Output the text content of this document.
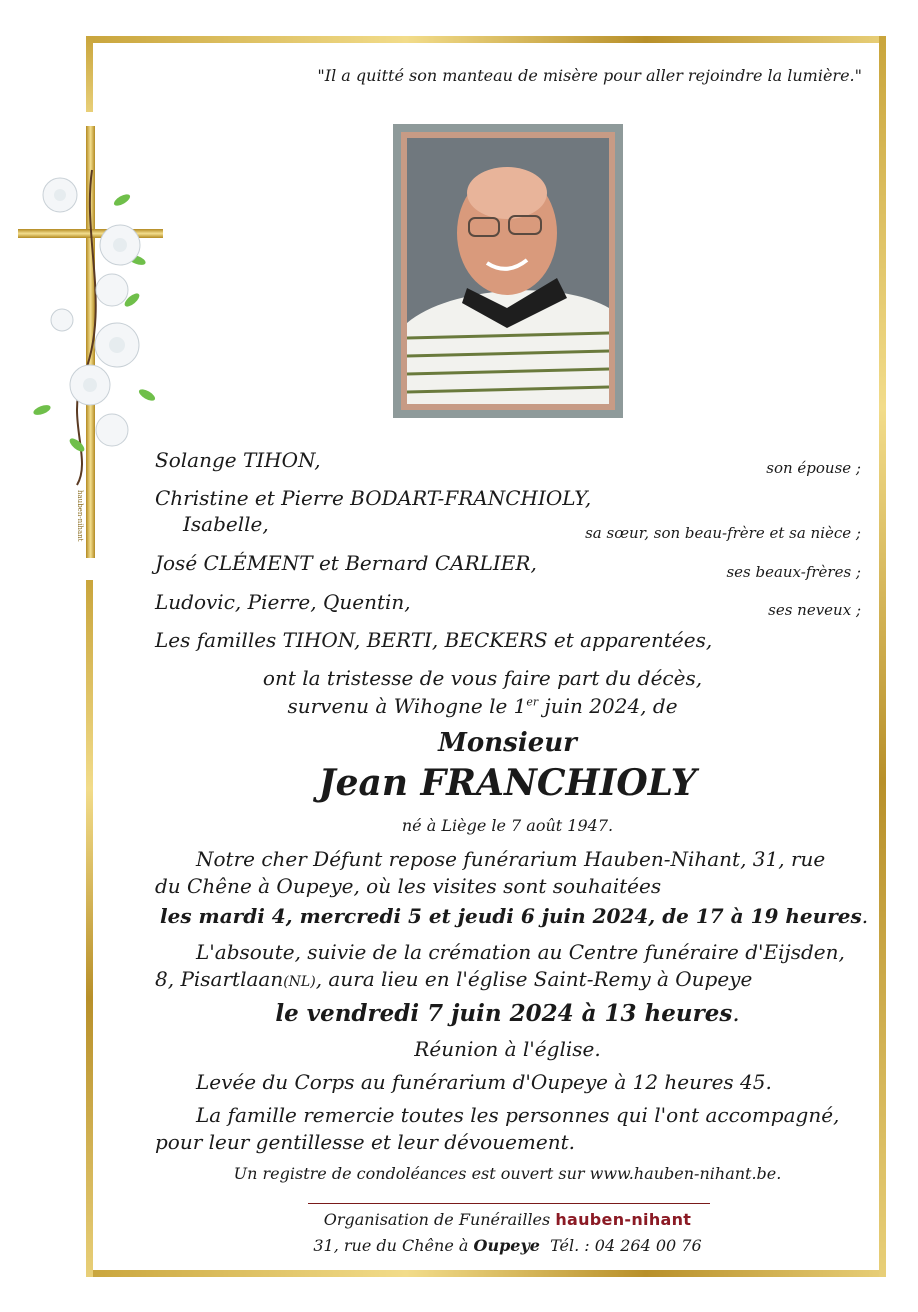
hauben-nihant
"Il a quitté son manteau de misère pour aller rejoindre la lumière."
Solange TIHON,	son épouse ;
Christine et Pierre BODART-FRANCHIOLY,
Isabelle,	sa sœur, son beau-frère et sa nièce ;
José CLÉMENT et Bernard CARLIER,	ses beaux-frères ;
Ludovic, Pierre, Quentin,	ses neveux ;
Les familles TIHON, BERTI, BECKERS et apparentées,
ont la tristesse de vous faire part du décès,
survenu à Wihogne le 1er juin 2024, de
Monsieur
Jean FRANCHIOLY
né à Liège le 7 août 1947.
Notre cher Défunt repose funérarium Hauben-Nihant, 31, rue
du Chêne à Oupeye, où les visites sont souhaitées
les mardi 4, mercredi 5 et jeudi 6 juin 2024, de 17 à 19 heures.
L'absoute, suivie de la crémation au Centre funéraire d'Eijsden,
8, Pisartlaan(NL), aura lieu en l'église Saint-Remy à Oupeye
le vendredi 7 juin 2024 à 13 heures.
Réunion à l'église.
Levée du Corps au funérarium d'Oupeye à 12 heures 45.
La famille remercie toutes les personnes qui l'ont accompagné,
pour leur gentillesse et leur dévouement.
Un registre de condoléances est ouvert sur www.hauben-nihant.be.
Organisation de Funérailles hauben-nihant
31, rue du Chêne à Oupeye Tél. : 04 264 00 76
